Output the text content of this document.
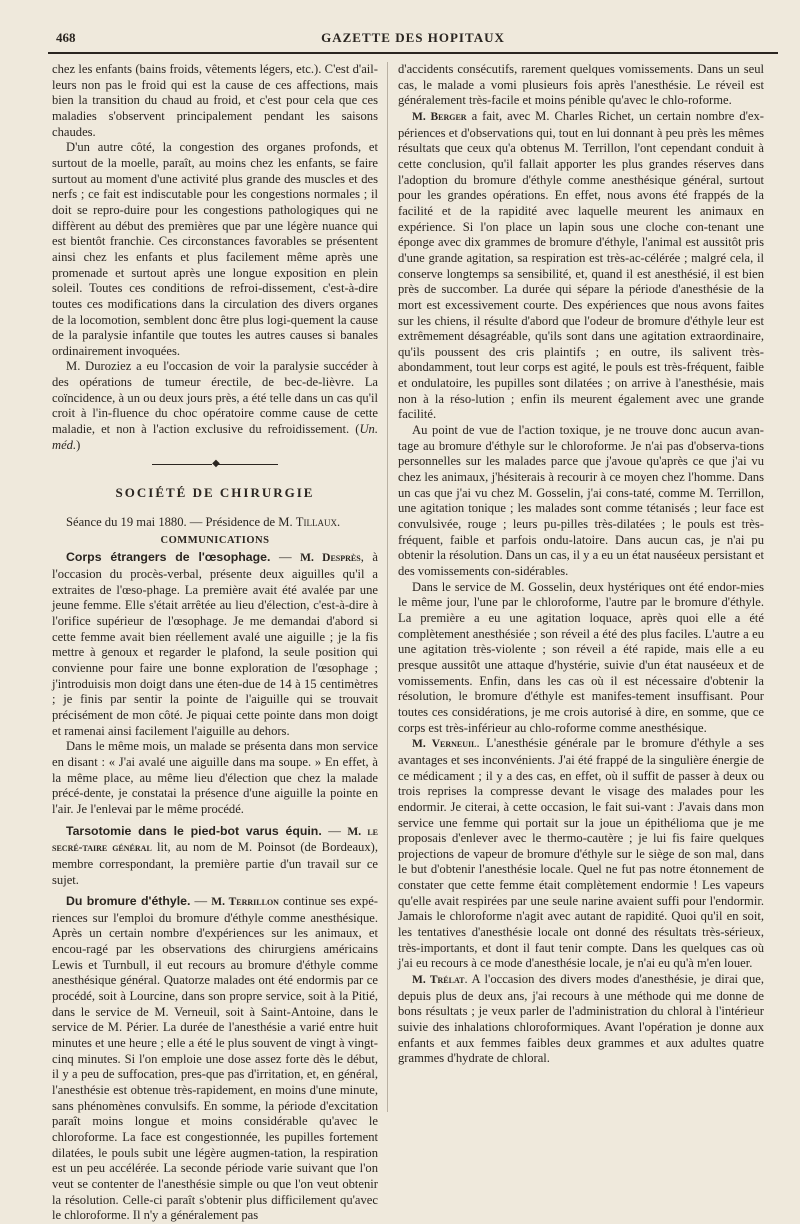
468	GAZETTE DES HOPITAUX

chez les enfants (bains froids, vêtements légers, etc.). C'est d'ail-leurs non pas le froid qui est la cause de ces affections, mais bien la transition du chaud au froid, et c'est pour cela que ces maladies s'observent principalement pendant les saisons chaudes.

D'un autre côté, la congestion des organes profonds, et surtout de la moelle, paraît, au moins chez les enfants, se faire surtout au moment d'une activité plus grande des muscles et des nerfs ; ce fait est indiscutable pour les congestions normales ; il doit se repro-duire pour les congestions pathologiques qui ne diffèrent au début des premières que par une légère nuance qui est bientôt franchie. Ces circonstances favorables se présentent ainsi chez les enfants et plus facilement même après une promenade et surtout après une longue exposition en plein soleil. Toutes ces conditions de refroi-dissement, c'est-à-dire toutes ces modifications dans la circulation des divers organes de la locomotion, semblent donc être plus logi-quement la cause de la paralysie infantile que toutes les autres causes si banales ordinairement invoquées.

M. Duroziez a eu l'occasion de voir la paralysie succéder à des opérations de tumeur érectile, de bec-de-lièvre. La coïncidence, à un ou deux jours près, a été telle dans un cas qu'il croit à l'in-fluence du choc opératoire comme cause de cette maladie, et non à l'action exclusive du refroidissement. (Un. méd.)

◆
SOCIÉTÉ DE CHIRURGIE

Séance du 19 mai 1880. — Présidence de M. Tillaux.

COMMUNICATIONS

Corps étrangers de l'œsophage. — M. Desprès, à l'occasion du procès-verbal, présente deux aiguilles qu'il a extraites de l'œso-phage. La première avait été avalée par une jeune femme. Elle s'était arrêtée au lieu d'élection, c'est-à-dire à l'orifice supérieur de l'œsophage. Je me demandai d'abord si cette femme avait bien réellement avalé une aiguille ; je la fis mettre à genoux et regarder le plafond, la seule position qui convienne pour faire une bonne exploration de l'œsophage ; j'introduisis mon doigt dans une éten-due de 14 à 15 centimètres ; je finis par sentir la pointe de l'aiguille qui se trouvait précisément de mon côté. Je piquai cette pointe dans mon doigt et ramenai ainsi facilement l'aiguille au dehors.

Dans le même mois, un malade se présenta dans mon service en disant : « J'ai avalé une aiguille dans ma soupe. » En effet, à la même place, au même lieu d'élection que chez la malade précé-dente, je constatai la présence d'une aiguille la pointe en l'air. Je l'enlevai par le même procédé.

Tarsotomie dans le pied-bot varus équin. — M. le secré-taire général lit, au nom de M. Poinsot (de Bordeaux), membre correspondant, la première partie d'un travail sur ce sujet.

Du bromure d'éthyle. — M. Terrillon continue ses expé-riences sur l'emploi du bromure d'éthyle comme anesthésique. Après un certain nombre d'expériences sur les animaux, et encou-ragé par les observations des chirurgiens américains Lewis et Turnbull, il eut recours au bromure d'éthyle comme anesthésique général. Quatorze malades ont été endormis par ce procédé, soit à Lourcine, dans son propre service, soit à la Pitié, dans le service de M. Verneuil, soit à Saint-Antoine, dans le service de M. Périer. La durée de l'anesthésie a varié entre huit minutes et une heure ; elle a été le plus souvent de vingt à vingt-cinq minutes. Si l'on emploie une dose assez forte dès le début, il y a peu de suffocation, pres-que pas d'irritation, et, en général, l'anesthésie est obtenue très-rapidement, en moins d'une minute, sans phénomènes convulsifs. En somme, la période d'excitation paraît moins longue et moins considérable qu'avec le chloroforme. La face est congestionnée, les pupilles fortement dilatées, le pouls subit une légère augmen-tation, la respiration est un peu accélérée. La seconde période varie suivant que l'on veut se contenter de l'anesthésie simple ou que l'on veut obtenir la résolution. Celle-ci paraît s'obtenir plus difficilement qu'avec le chloroforme. Il n'y a généralement pas

d'accidents consécutifs, rarement quelques vomissements. Dans un seul cas, le malade a vomi plusieurs fois après l'anesthésie. Le réveil est généralement très-facile et moins pénible qu'avec le chlo-roforme.

M. Berger a fait, avec M. Charles Richet, un certain nombre d'ex-périences et d'observations qui, tout en lui donnant à peu près les mêmes résultats que ceux qu'a obtenus M. Terrillon, l'ont cependant conduit à cette conclusion, qu'il fallait apporter les plus grandes réserves dans l'adoption du bromure d'éthyle comme anesthésique général, surtout pour les grandes opérations. En effet, nous avons été frappés de la facilité et de la rapidité avec laquelle meurent les animaux en expérience. Si l'on place un lapin sous une cloche con-tenant une éponge avec dix grammes de bromure d'éthyle, l'animal est aussitôt pris d'une grande agitation, sa respiration est très-ac-célérée ; malgré cela, il conserve longtemps sa sensibilité, et, quand il est anesthésié, il est bien près de succomber. La durée qui sépare la période d'anesthésie de la mort est excessivement courte. Des expériences que nous avons faites sur les chiens, il résulte d'abord que l'odeur de bromure d'éthyle leur est extrêmement désagréable, qu'ils sont dans une agitation extraordinaire, qu'ils poussent des cris plaintifs ; en outre, ils salivent très-abondamment, tout leur corps est agité, le pouls est très-fréquent, faible et ondulatoire, les pupilles sont dilatées ; on arrive à l'anesthésie, mais non à la réso-lution ; enfin ils meurent également avec une grande facilité.

Au point de vue de l'action toxique, je ne trouve donc aucun avan-tage au bromure d'éthyle sur le chloroforme. Je n'ai pas d'observa-tions personnelles sur les malades parce que j'avoue qu'après ce que j'ai vu chez les animaux, j'hésiterais à recourir à ce moyen chez l'homme. Dans un cas que j'ai vu chez M. Gosselin, j'ai cons-taté, comme M. Terrillon, une agitation tonique ; les malades sont comme tétanisés ; leur face est convulsivée, rouge ; leurs pu-pilles très-dilatées ; le pouls est très-fréquent, faible et parfois ondu-latoire. Dans aucun cas, je n'ai pu obtenir la résolution. Dans un cas, il y a eu un état nauséeux persistant et des vomissements con-sidérables.

Dans le service de M. Gosselin, deux hystériques ont été endor-mies le même jour, l'une par le chloroforme, l'autre par le bromure d'éthyle. La première a eu une agitation loquace, après quoi elle a été complètement anesthésiée ; son réveil a été des plus faciles. L'autre a eu une agitation très-violente ; son réveil a été rapide, mais elle a eu presque aussitôt une attaque d'hystérie, suivie d'un état nauséeux et de vomissements. Enfin, dans les cas où il est nécessaire d'obtenir la résolution, le bromure d'éthyle est manifes-tement insuffisant. Pour toutes ces considérations, je me crois autorisé à dire, en somme, que ce corps est très-inférieur au chlo-roforme comme anesthésique.

M. Verneuil. L'anesthésie générale par le bromure d'éthyle a ses avantages et ses inconvénients. J'ai été frappé de la singulière énergie de ce médicament ; il y a des cas, en effet, où il suffit de passer à deux ou trois reprises la compresse devant le visage des malades pour les endormir. Je citerai, à cette occasion, le fait sui-vant : J'avais dans mon service une femme qui portait sur la joue un épithélioma que je me proposais d'enlever avec le thermo-cautère ; je lui fis faire quelques projections de vapeur de bromure d'éthyle sur le siège de son mal, dans le but d'obtenir l'anesthésie locale. Quel ne fut pas notre étonnement de constater que cette femme était complètement endormie ! Les vapeurs qu'elle avait respirées par une seule narine avaient suffi pour l'endormir. Jamais le chloroforme n'agit avec autant de rapidité. Quoi qu'il en soit, les tentatives d'anesthésie locale ont donné des résultats très-sérieux, très-importants, et dont il faut tenir compte. Dans les quelques cas où j'ai eu recours à ce mode d'anesthésie locale, je n'ai eu qu'à m'en louer.

M. Trélat. A l'occasion des divers modes d'anesthésie, je dirai que, depuis plus de deux ans, j'ai recours à une méthode qui me donne de bons résultats ; je veux parler de l'administration du chloral à l'intérieur suivie des inhalations chloroformiques. Avant l'opération je donne aux enfants et aux femmes faibles deux grammes et aux adultes quatre grammes d'hydrate de chloral.
